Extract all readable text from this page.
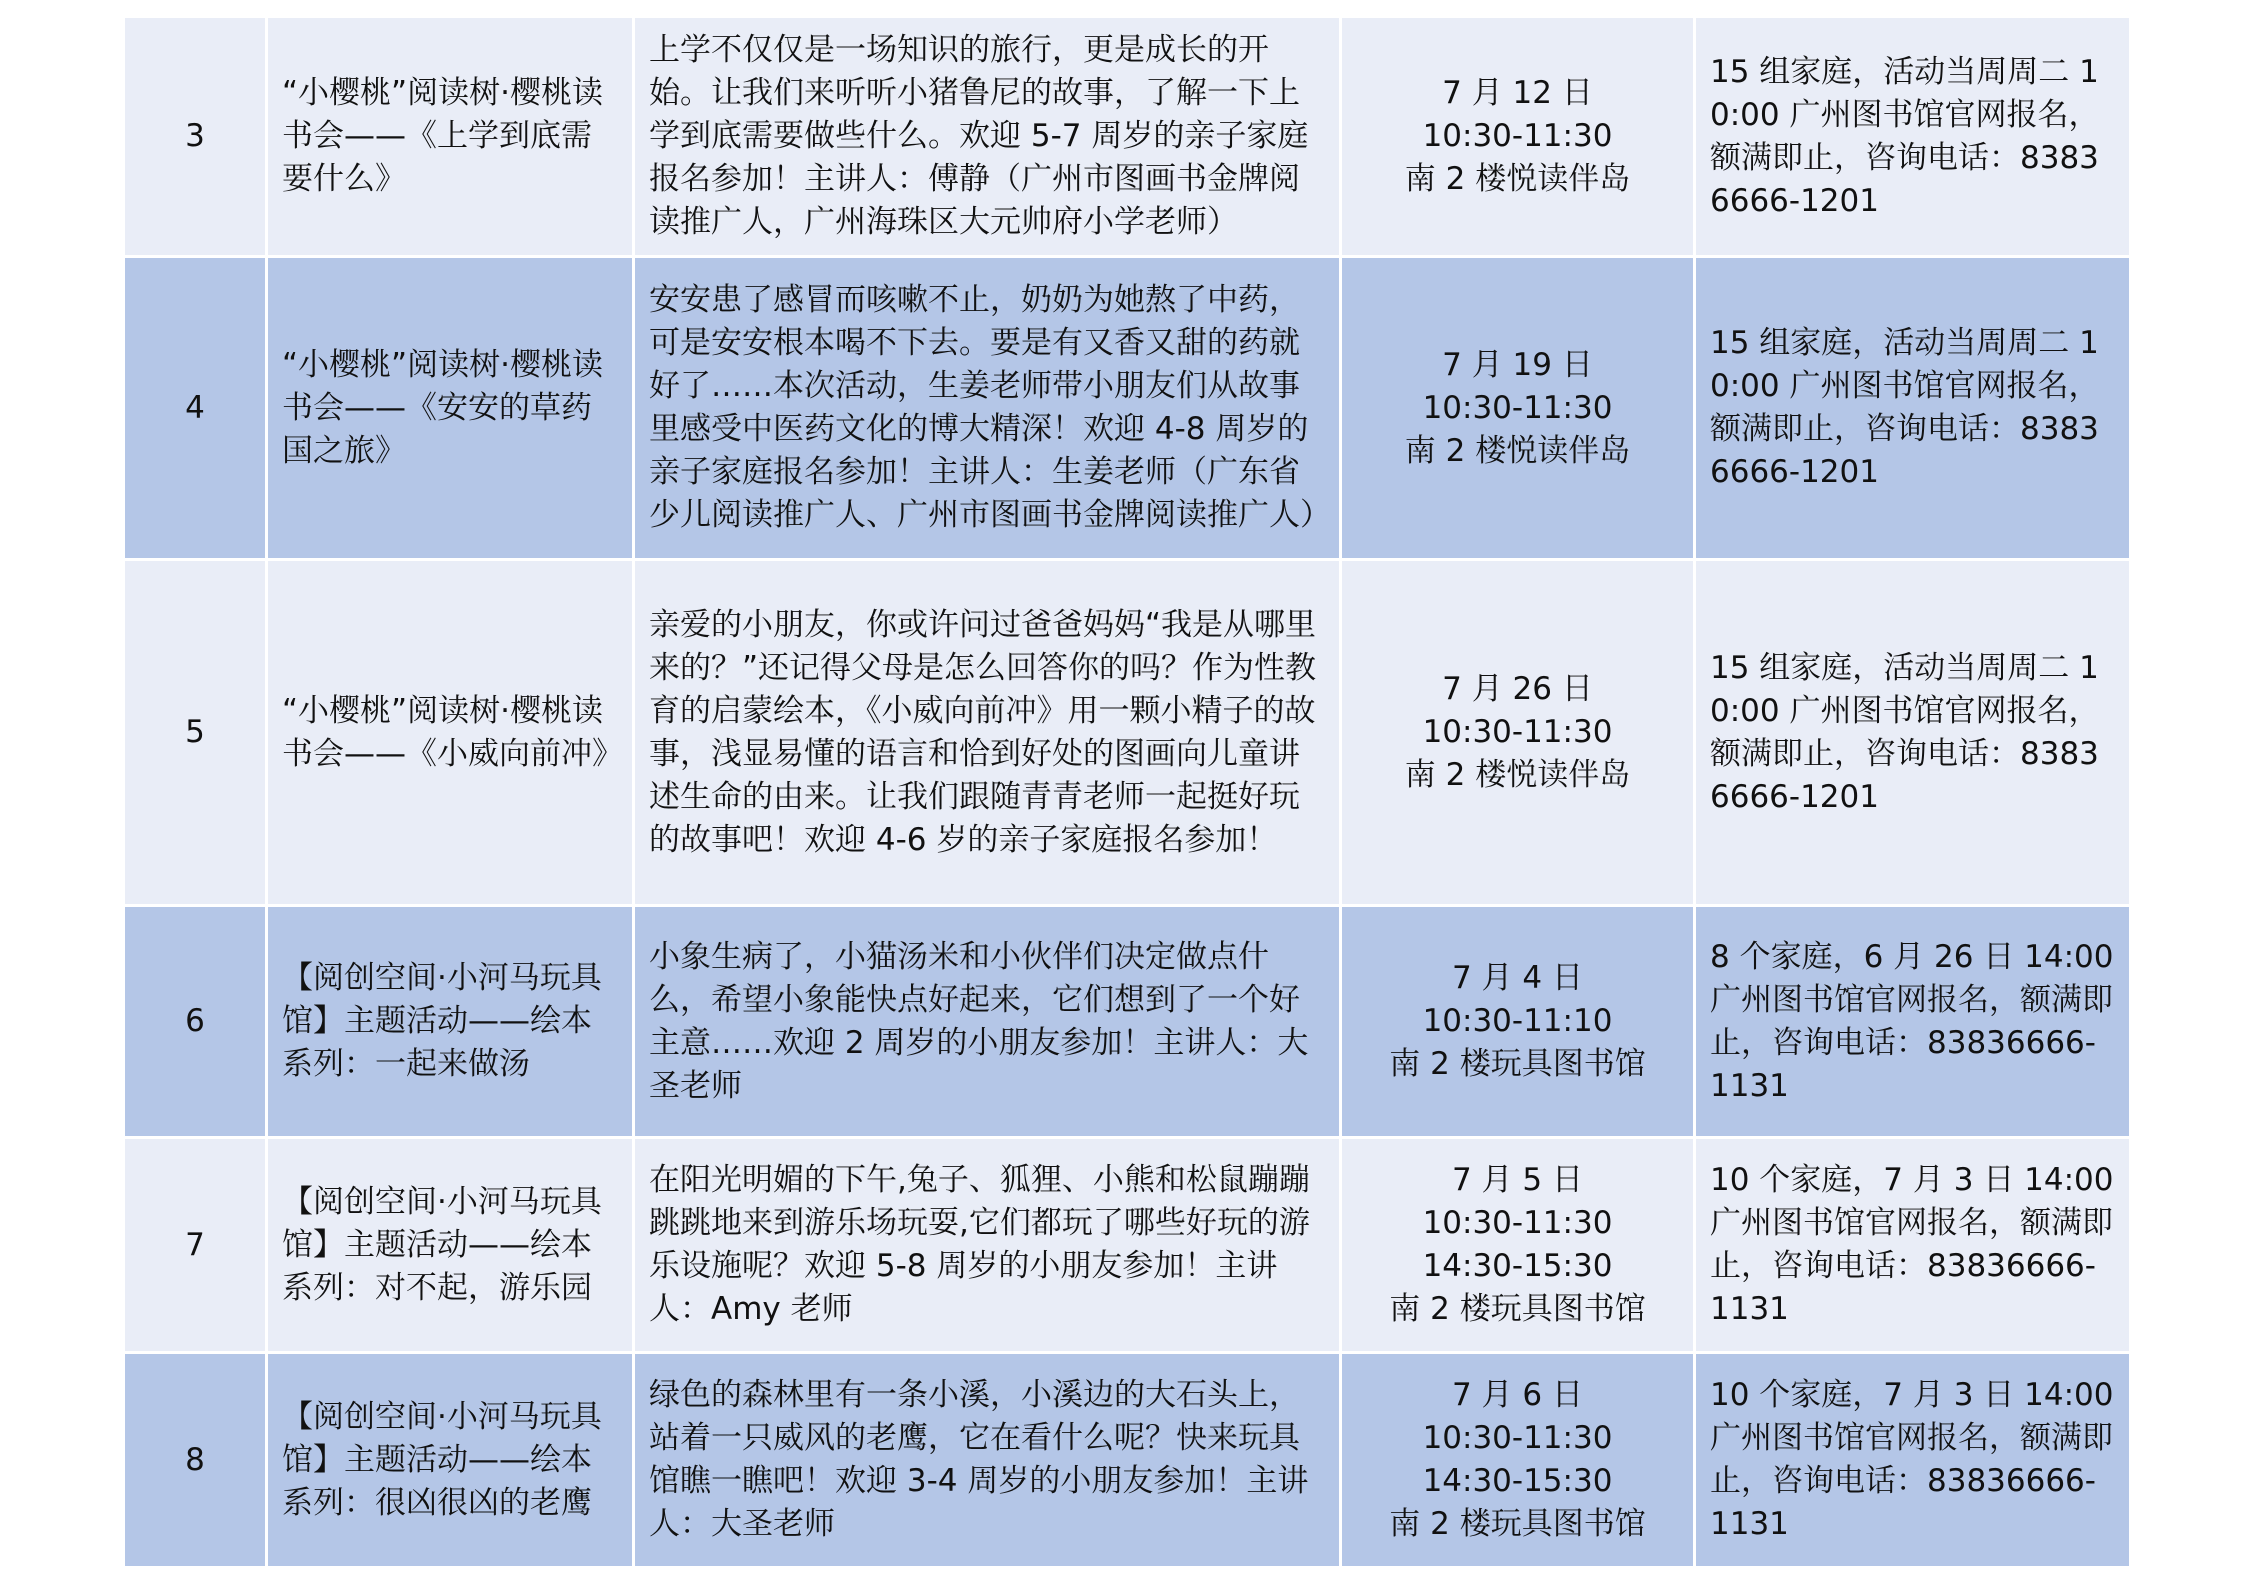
3	“小樱桃”阅读树·樱桃读书会——《上学到底需要什么》	上学不仅仅是一场知识的旅行，更是成长的开始。让我们来听听小猪鲁尼的故事，了解一下上学到底需要做些什么。欢迎 5-7 周岁的亲子家庭报名参加！主讲人：傅静（广州市图画书金牌阅读推广人，广州海珠区大元帅府小学老师）	7 月 12 日
10:30-11:30
南 2 楼悦读伴岛	15 组家庭，活动当周周二 10:00 广州图书馆官网报名，额满即止，咨询电话：83836666-1201
4	“小樱桃”阅读树·樱桃读书会——《安安的草药国之旅》	安安患了感冒而咳嗽不止，奶奶为她熬了中药，可是安安根本喝不下去。要是有又香又甜的药就好了……本次活动，生姜老师带小朋友们从故事里感受中医药文化的博大精深！欢迎 4-8 周岁的亲子家庭报名参加！主讲人：生姜老师（广东省少儿阅读推广人、广州市图画书金牌阅读推广人）	7 月 19 日
10:30-11:30
南 2 楼悦读伴岛	15 组家庭，活动当周周二 10:00 广州图书馆官网报名，额满即止，咨询电话：83836666-1201
5	“小樱桃”阅读树·樱桃读书会——《小威向前冲》	亲爱的小朋友，你或许问过爸爸妈妈“我是从哪里来的？”还记得父母是怎么回答你的吗？作为性教育的启蒙绘本，《小威向前冲》用一颗小精子的故事，浅显易懂的语言和恰到好处的图画向儿童讲述生命的由来。让我们跟随青青老师一起挺好玩的故事吧！欢迎 4-6 岁的亲子家庭报名参加！	7 月 26 日
10:30-11:30
南 2 楼悦读伴岛	15 组家庭，活动当周周二 10:00 广州图书馆官网报名，额满即止，咨询电话：83836666-1201
6	【阅创空间·小河马玩具馆】主题活动——绘本系列：一起来做汤	小象生病了，小猫汤米和小伙伴们决定做点什么，希望小象能快点好起来，它们想到了一个好主意……欢迎 2 周岁的小朋友参加！主讲人：大圣老师	7 月 4 日
10:30-11:10
南 2 楼玩具图书馆	8 个家庭，6 月 26 日 14:00 广州图书馆官网报名，额满即止，咨询电话：83836666-1131
7	【阅创空间·小河马玩具馆】主题活动——绘本系列：对不起，游乐园	在阳光明媚的下午,兔子、狐狸、小熊和松鼠蹦蹦跳跳地来到游乐场玩耍,它们都玩了哪些好玩的游乐设施呢？欢迎 5-8 周岁的小朋友参加！主讲人：Amy 老师	7 月 5 日
10:30-11:30
14:30-15:30
南 2 楼玩具图书馆	10 个家庭，7 月 3 日 14:00 广州图书馆官网报名，额满即止，咨询电话：83836666-1131
8	【阅创空间·小河马玩具馆】主题活动——绘本系列：很凶很凶的老鹰	绿色的森林里有一条小溪，小溪边的大石头上，站着一只威风的老鹰，它在看什么呢？快来玩具馆瞧一瞧吧！欢迎 3-4 周岁的小朋友参加！主讲人：大圣老师	7 月 6 日
10:30-11:30
14:30-15:30
南 2 楼玩具图书馆	10 个家庭，7 月 3 日 14:00 广州图书馆官网报名，额满即止，咨询电话：83836666-1131
